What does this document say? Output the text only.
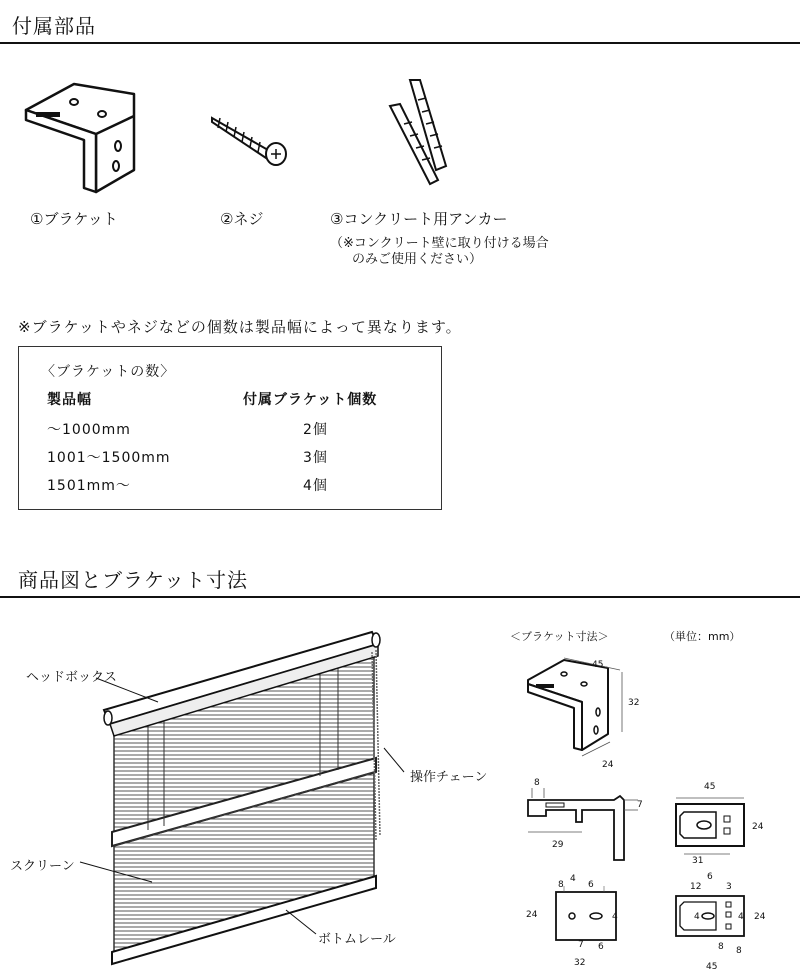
付属部品
①ブラケット	②ネジ	③コンクリート用アンカー
（※コンクリート壁に取り付ける場合
のみご使用ください）
※ブラケットやネジなどの個数は製品幅によって異なります。
〈ブラケットの数〉
製品幅	付属ブラケット個数
～1000mm	2個
1001～1500mm	3個
1501mm～	4個
商品図とブラケット寸法
ヘッドボックス
操作チェーン
スクリーン
ボトムレール
＜ブラケット寸法＞	（単位：mm）
45
32
24
8
7
29
45
24
31
8
4
6
24	4
7 6
32
12
6
3
4	4 24
8 8
45
